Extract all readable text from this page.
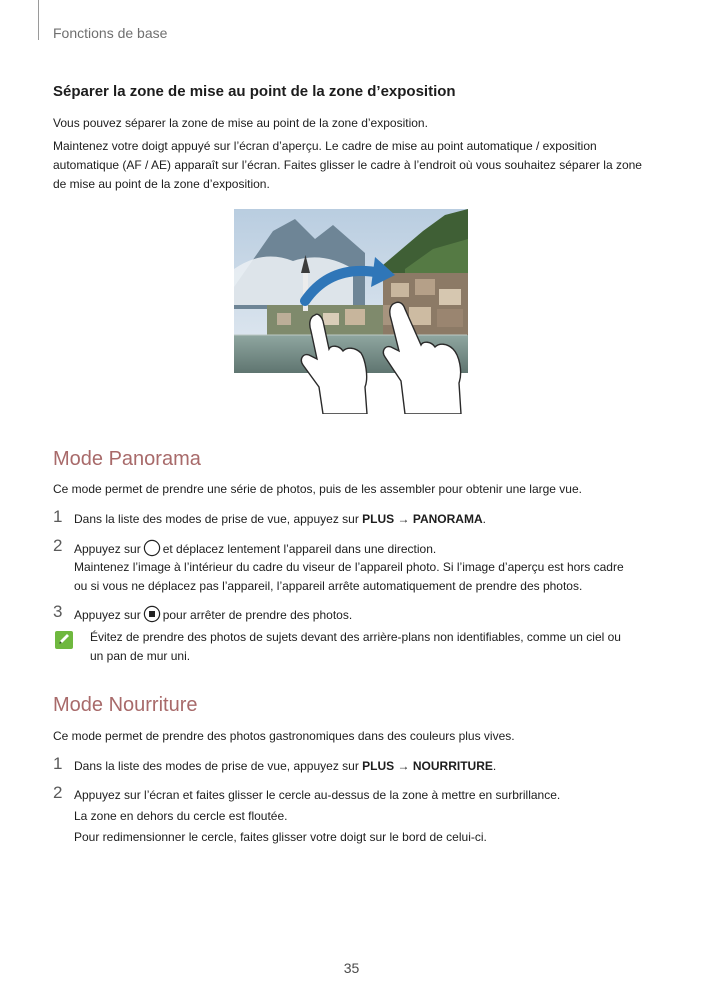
Fonctions de base
Séparer la zone de mise au point de la zone d’exposition
Vous pouvez séparer la zone de mise au point de la zone d’exposition.
Maintenez votre doigt appuyé sur l’écran d’aperçu. Le cadre de mise au point automatique / exposition
automatique (AF / AE) apparaît sur l’écran. Faites glisser le cadre à l’endroit où vous souhaitez séparer la zone
de mise au point de la zone d’exposition.
Mode Panorama
Ce mode permet de prendre une série de photos, puis de les assembler pour obtenir une large vue.
1 Dans la liste des modes de prise de vue, appuyez sur PLUS → PANORAMA.
2 Appuyez sur et déplacez lentement l’appareil dans une direction.
Maintenez l’image à l’intérieur du cadre du viseur de l’appareil photo. Si l’image d’aperçu est hors cadre
ou si vous ne déplacez pas l’appareil, l’appareil arrête automatiquement de prendre des photos.
3 Appuyez sur pour arrêter de prendre des photos.
Évitez de prendre des photos de sujets devant des arrière-plans non identifiables, comme un ciel ou
un pan de mur uni.
Mode Nourriture
Ce mode permet de prendre des photos gastronomiques dans des couleurs plus vives.
1 Dans la liste des modes de prise de vue, appuyez sur PLUS → NOURRITURE.
2 Appuyez sur l’écran et faites glisser le cercle au-dessus de la zone à mettre en surbrillance.
La zone en dehors du cercle est floutée.
Pour redimensionner le cercle, faites glisser votre doigt sur le bord de celui-ci.
35
